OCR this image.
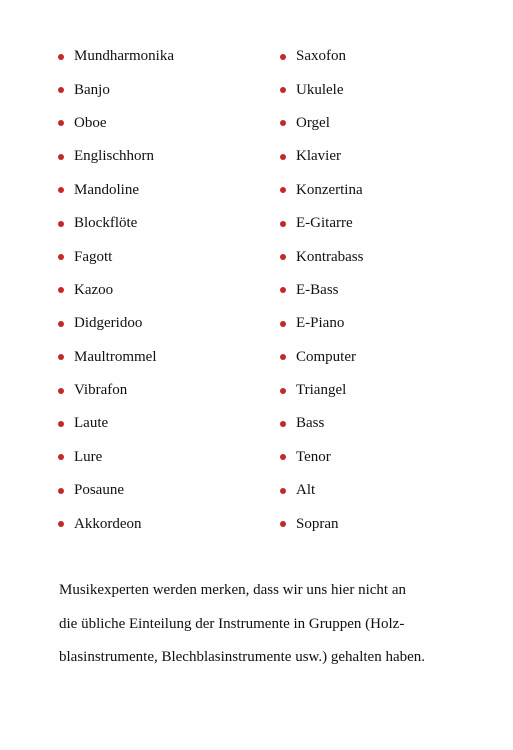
Mundharmonika
Banjo
Oboe
Englischhorn
Mandoline
Blockflöte
Fagott
Kazoo
Didgeridoo
Maultrommel
Vibrafon
Laute
Lure
Posaune
Akkordeon
Saxofon
Ukulele
Orgel
Klavier
Konzertina
E-Gitarre
Kontrabass
E-Bass
E-Piano
Computer
Triangel
Bass
Tenor
Alt
Sopran

Musikexperten werden merken, dass wir uns hier nicht an
die übliche Einteilung der Instrumente in Gruppen (Holz-
blasinstrumente, Blechblasinstrumente usw.) gehalten haben.
